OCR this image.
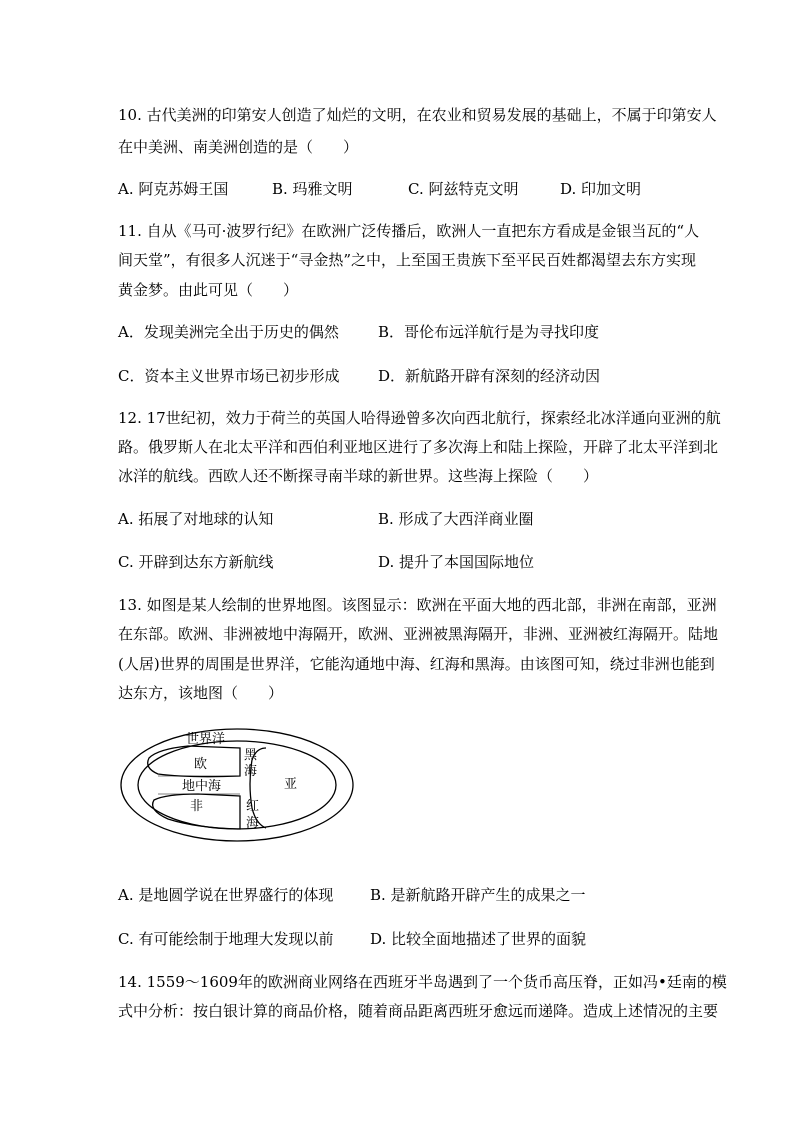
10. 古代美洲的印第安人创造了灿烂的文明，在农业和贸易发展的基础上，不属于印第安人
在中美洲、南美洲创造的是（　　）
A. 阿克苏姆王国	B. 玛雅文明	C. 阿兹特克文明	D. 印加文明
11. 自从《马可·波罗行纪》在欧洲广泛传播后，欧洲人一直把东方看成是金银当瓦的“人
间天堂”，有很多人沉迷于“寻金热”之中，上至国王贵族下至平民百姓都渴望去东方实现
黄金梦。由此可见（　　）
A．发现美洲完全出于历史的偶然	B．哥伦布远洋航行是为寻找印度
C．资本主义世界市场已初步形成	D．新航路开辟有深刻的经济动因
12. 17世纪初，效力于荷兰的英国人哈得逊曾多次向西北航行，探索经北冰洋通向亚洲的航
路。俄罗斯人在北太平洋和西伯利亚地区进行了多次海上和陆上探险，开辟了北太平洋到北
冰洋的航线。西欧人还不断探寻南半球的新世界。这些海上探险（　　）
A. 拓展了对地球的认知	B. 形成了大西洋商业圈
C. 开辟到达东方新航线	D. 提升了本国国际地位
13. 如图是某人绘制的世界地图。该图显示：欧洲在平面大地的西北部，非洲在南部，亚洲
在东部。欧洲、非洲被地中海隔开，欧洲、亚洲被黑海隔开，非洲、亚洲被红海隔开。陆地
(人居)世界的周围是世界洋，它能沟通地中海、红海和黑海。由该图可知，绕过非洲也能到
达东方，该地图（　　）
世界洋
欧
黑
海
亚
地中海
非	红
海
A. 是地圆学说在世界盛行的体现 B. 是新航路开辟产生的成果之一
C. 有可能绘制于地理大发现以前 D. 比较全面地描述了世界的面貌
14. 1559～1609年的欧洲商业网络在西班牙半岛遇到了一个货币高压脊，正如冯•廷南的模
式中分析：按白银计算的商品价格，随着商品距离西班牙愈远而递降。造成上述情况的主要
